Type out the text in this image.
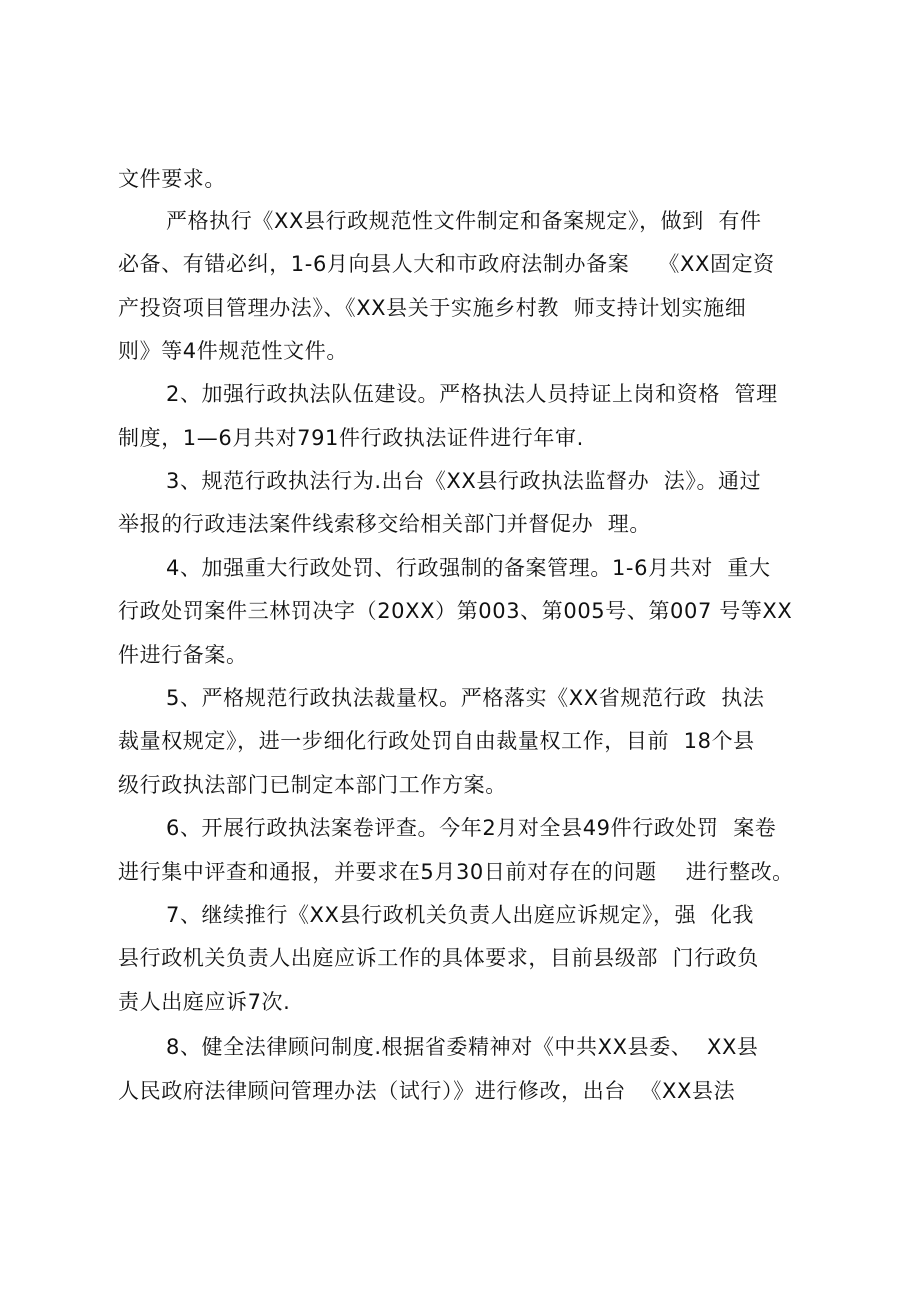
文件要求。
严格执行《XX县行政规范性文件制定和备案规定》，做到  有件
必备、有错必纠，1-6月向县人大和市政府法制办备案    《XX固定资
产投资项目管理办法》、《XX县关于实施乡村教  师支持计划实施细
则》等4件规范性文件。
2、加强行政执法队伍建设。严格执法人员持证上岗和资格  管理
制度，1—6月共对791件行政执法证件进行年审.
3、规范行政执法行为.出台《XX县行政执法监督办  法》。通过
举报的行政违法案件线索移交给相关部门并督促办  理。
4、加强重大行政处罚、行政强制的备案管理。1-6月共对  重大
行政处罚案件三林罚决字（20XX）第003、第005号、第007 号等XX
件进行备案。
5、严格规范行政执法裁量权。严格落实《XX省规范行政  执法
裁量权规定》，进一步细化行政处罚自由裁量权工作，目前  18个县
级行政执法部门已制定本部门工作方案。
6、开展行政执法案卷评查。今年2月对全县49件行政处罚  案卷
进行集中评查和通报，并要求在5月30日前对存在的问题    进行整改。
7、继续推行《XX县行政机关负责人出庭应诉规定》，强  化我
县行政机关负责人出庭应诉工作的具体要求，目前县级部  门行政负
责人出庭应诉7次.
8、健全法律顾问制度.根据省委精神对《中共XX县委、  XX县
人民政府法律顾问管理办法（试行）》进行修改，出台  《XX县法
